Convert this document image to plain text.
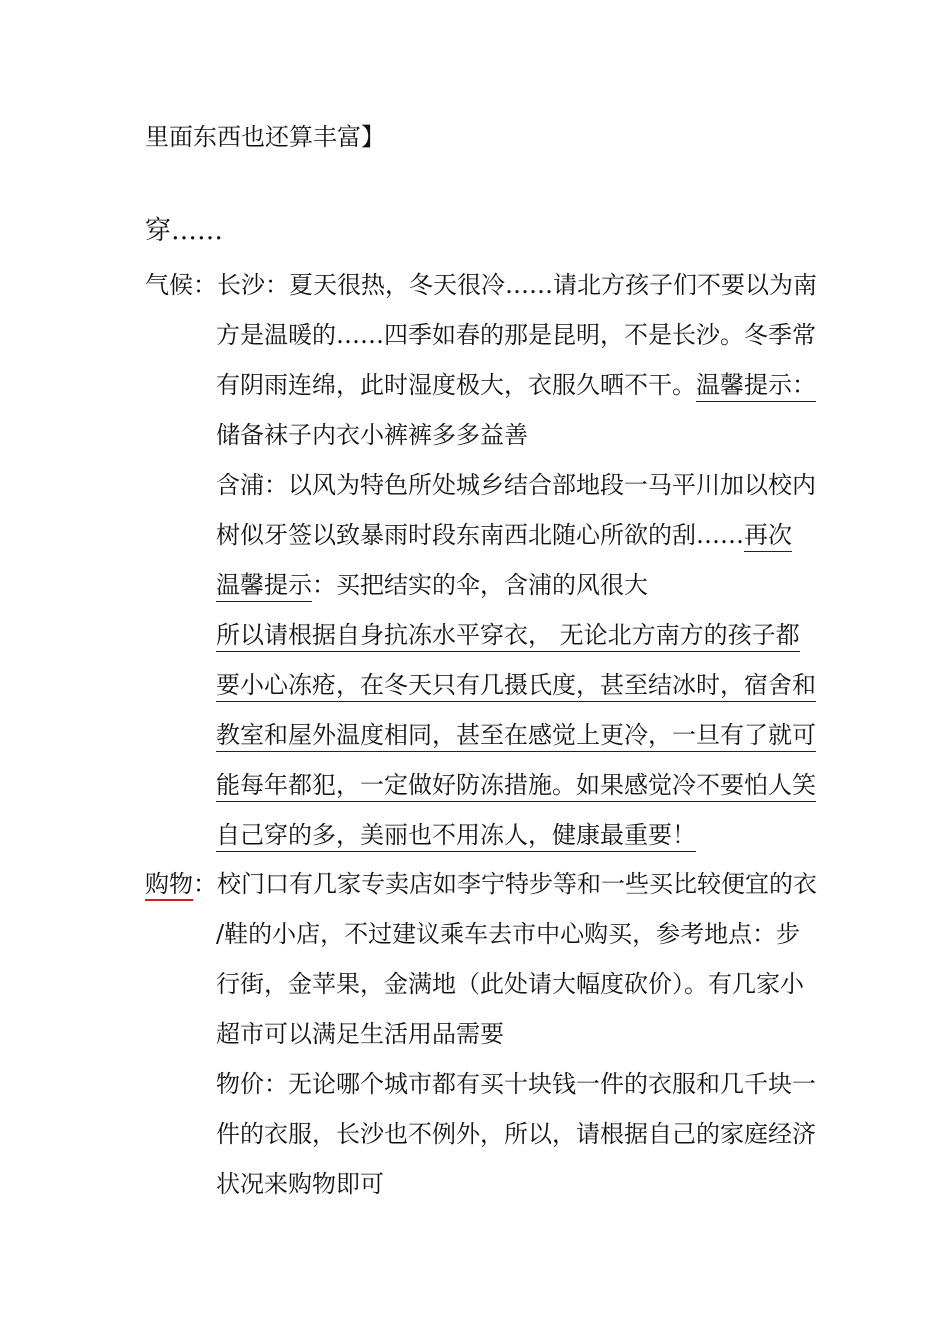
里面东西也还算丰富】
穿……
气候：长沙：夏天很热，冬天很冷……请北方孩子们不要以为南
方是温暖的……四季如春的那是昆明，不是长沙。冬季常
有阴雨连绵，此时湿度极大，衣服久晒不干。温馨提示：
储备袜子内衣小裤裤多多益善
含浦：以风为特色所处城乡结合部地段一马平川加以校内
树似牙签以致暴雨时段东南西北随心所欲的刮……再次
温馨提示：买把结实的伞，含浦的风很大
所以请根据自身抗冻水平穿衣， 无论北方南方的孩子都
要小心冻疮，在冬天只有几摄氏度，甚至结冰时，宿舍和
教室和屋外温度相同，甚至在感觉上更冷，一旦有了就可
能每年都犯，一定做好防冻措施。如果感觉冷不要怕人笑
自己穿的多，美丽也不用冻人，健康最重要！
购物：校门口有几家专卖店如李宁特步等和一些买比较便宜的衣
/鞋的小店，不过建议乘车去市中心购买，参考地点：步
行街，金苹果，金满地（此处请大幅度砍价）。有几家小
超市可以满足生活用品需要
物价：无论哪个城市都有买十块钱一件的衣服和几千块一
件的衣服，长沙也不例外，所以，请根据自己的家庭经济
状况来购物即可
